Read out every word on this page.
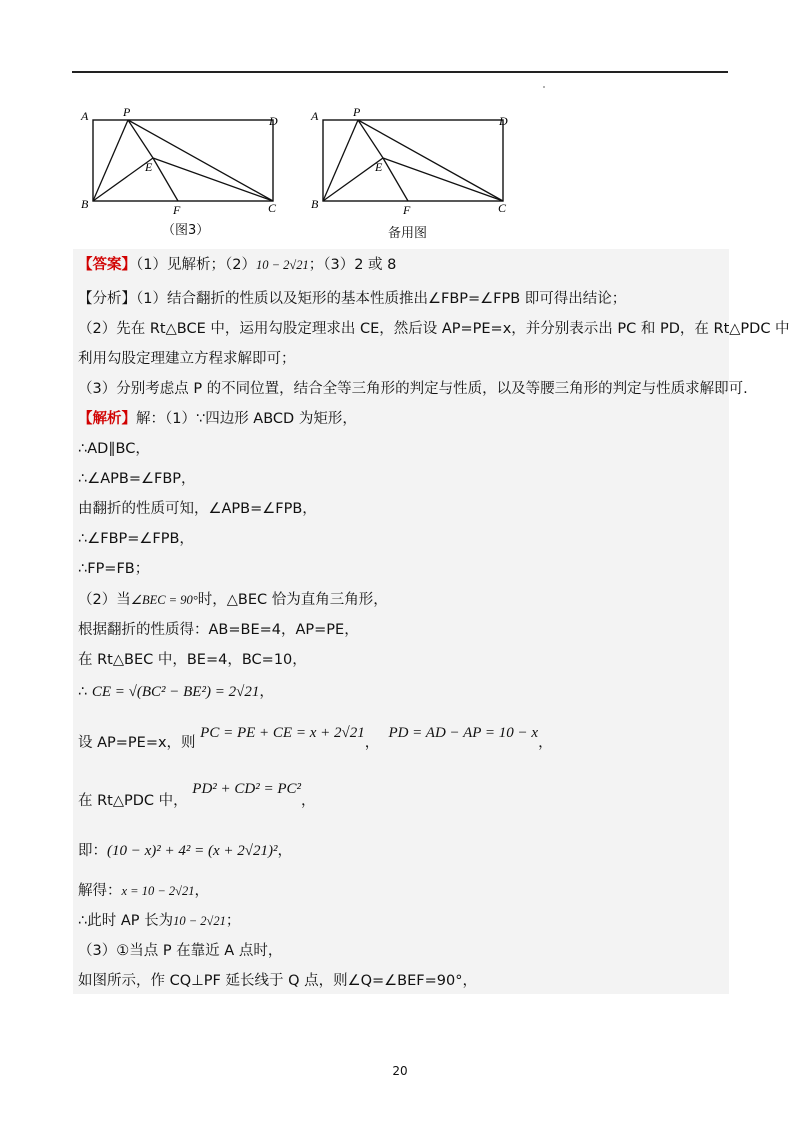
A	P
D
E
B	F	C
（图3）
A	P
D
E
B	F	C
备用图
【答案】（1）见解析；（2）10 − 2√21；（3）2 或 8
【分析】（1）结合翻折的性质以及矩形的基本性质推出∠FBP=∠FPB 即可得出结论；
（2）先在 Rt△BCE 中，运用勾股定理求出 CE，然后设 AP=PE=x，并分别表示出 PC 和 PD，在 Rt△PDC 中
利用勾股定理建立方程求解即可；
（3）分别考虑点 P 的不同位置，结合全等三角形的判定与性质，以及等腰三角形的判定与性质求解即可.
【解析】解：（1）∵四边形 ABCD 为矩形，
∴AD∥BC，
∴∠APB=∠FBP，
由翻折的性质可知，∠APB=∠FPB，
∴∠FBP=∠FPB，
∴FP=FB；
（2）当∠BEC = 90°时，△BEC 恰为直角三角形，
根据翻折的性质得：AB=BE=4，AP=PE，
在 Rt△BEC 中，BE=4，BC=10，
∴ CE = √(BC² − BE²) = 2√21，
设 AP=PE=x，则 PC = PE + CE = x + 2√21，  PD = AD − AP = 10 − x，
在 Rt△PDC 中， PD² + CD² = PC²，
即：(10 − x)² + 4² = (x + 2√21)²，
解得：x = 10 − 2√21，
∴此时 AP 长为10 − 2√21；
（3）①当点 P 在靠近 A 点时，
如图所示，作 CQ⊥PF 延长线于 Q 点，则∠Q=∠BEF=90°，
20
